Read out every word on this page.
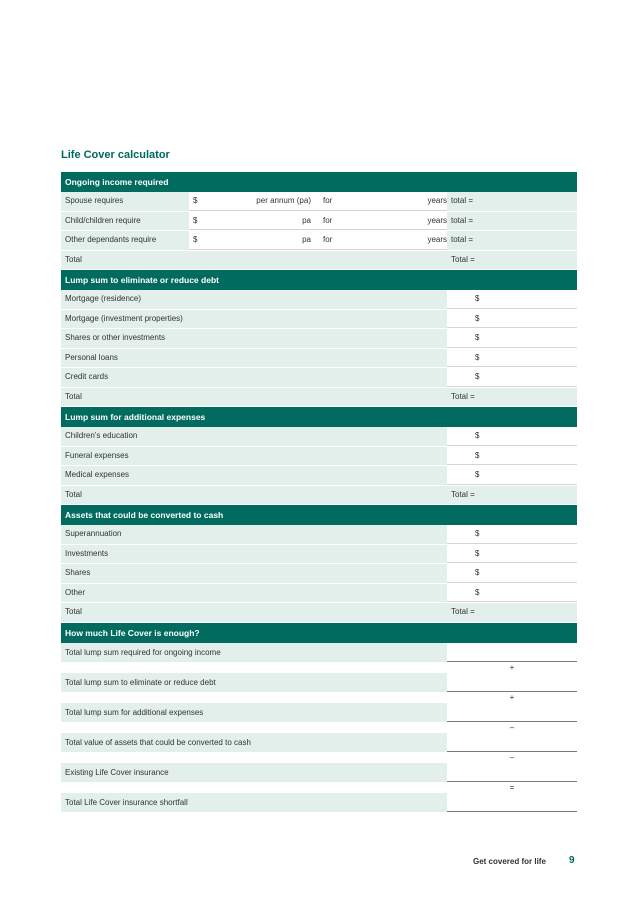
Life Cover calculator
Ongoing income required
Spouse requires	$	per annum (pa)	for	years total =
Child/children require	$	pa	for	years total =
Other dependants require	$	pa	for	years total =
Total	Total =
Lump sum to eliminate or reduce debt
Mortgage (residence)	$
Mortgage (investment properties)	$
Shares or other investments	$
Personal loans	$
Credit cards	$
Total	Total =
Lump sum for additional expenses
Children’s education	$
Funeral expenses	$
Medical expenses	$
Total	Total =
Assets that could be converted to cash
Superannuation	$
Investments	$
Shares	$
Other	$
Total	Total =
How much Life Cover is enough?
Total lump sum required for ongoing income
+
Total lump sum to eliminate or reduce debt
+
Total lump sum for additional expenses
–
Total value of assets that could be converted to cash
–
Existing Life Cover insurance
=
Total Life Cover insurance shortfall
Get covered for life 9
